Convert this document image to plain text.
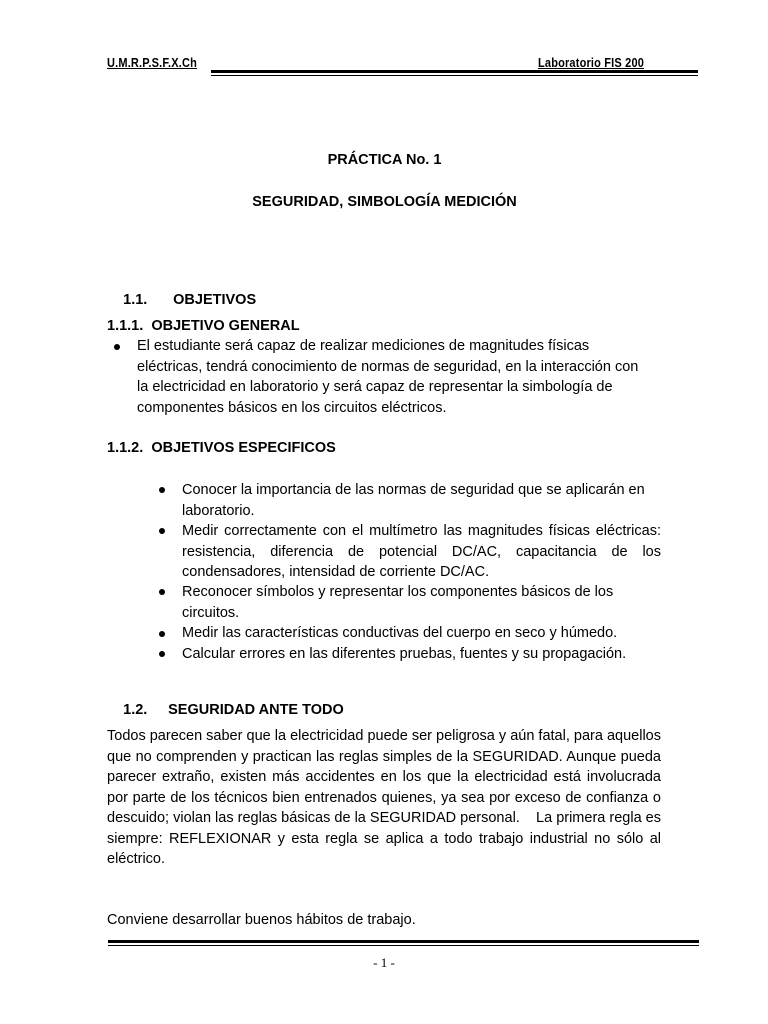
U.M.R.P.S.F.X.Ch	Laboratorio FIS 200
PRÁCTICA No. 1
SEGURIDAD, SIMBOLOGÍA MEDICIÓN

1.1. OBJETIVOS

1.1.1.  OBJETIVO GENERAL
El estudiante será capaz de realizar mediciones de magnitudes físicas
eléctricas, tendrá conocimiento de normas de seguridad, en la interacción con
la electricidad en laboratorio y será capaz de representar la simbología de
componentes básicos en los circuitos eléctricos.
1.1.2.  OBJETIVOS ESPECIFICOS
Conocer la importancia de las normas de seguridad que se aplicarán en laboratorio.
Medir correctamente con el multímetro las magnitudes físicas eléctricas: resistencia, diferencia de potencial DC/AC, capacitancia de los condensadores, intensidad de corriente DC/AC.
Reconocer símbolos y representar los componentes básicos de los circuitos.
Medir las características conductivas del cuerpo en seco y húmedo.
Calcular errores en las diferentes pruebas, fuentes y su propagación.

1.2. SEGURIDAD ANTE TODO

Todos parecen saber que la electricidad puede ser peligrosa y aún fatal, para aquellos que no comprenden y practican las reglas simples de la SEGURIDAD. Aunque pueda parecer extraño, existen más accidentes en los que la electricidad está involucrada por parte de los técnicos bien entrenados quienes, ya sea por exceso de confianza o descuido; violan las reglas básicas de la SEGURIDAD personal.    La primera regla es siempre: REFLEXIONAR y esta regla se aplica a todo trabajo industrial no sólo al eléctrico.
Conviene desarrollar buenos hábitos de trabajo.
- 1 -
